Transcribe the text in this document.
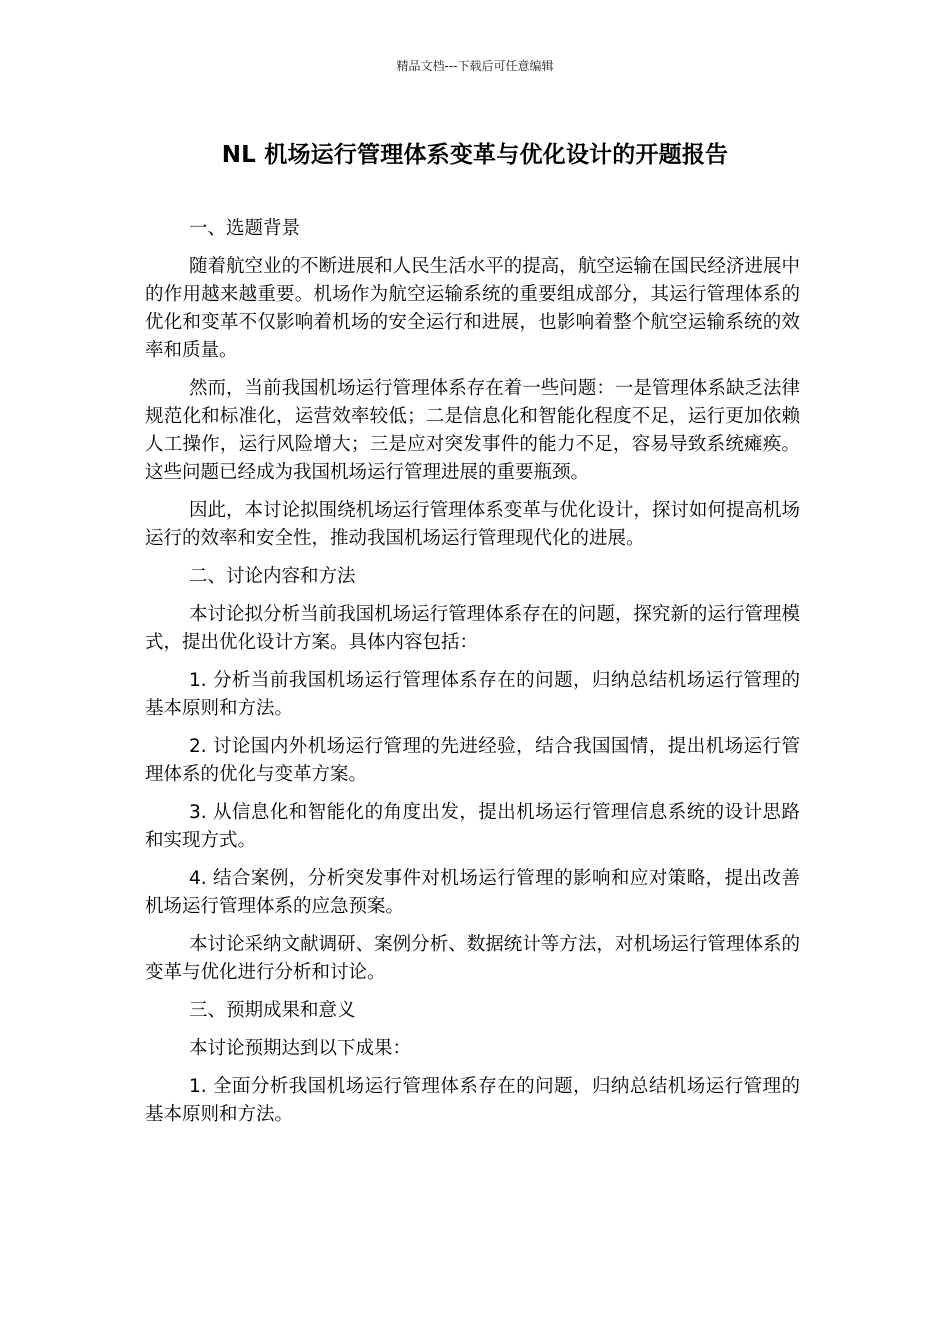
精品文档---下载后可任意编辑
NL 机场运行管理体系变革与优化设计的开题报告

一、选题背景

随着航空业的不断进展和人民生活水平的提高，航空运输在国民经济进展中的作用越来越重要。机场作为航空运输系统的重要组成部分，其运行管理体系的优化和变革不仅影响着机场的安全运行和进展，也影响着整个航空运输系统的效率和质量。

然而，当前我国机场运行管理体系存在着一些问题：一是管理体系缺乏法律规范化和标准化，运营效率较低；二是信息化和智能化程度不足，运行更加依赖人工操作，运行风险增大；三是应对突发事件的能力不足，容易导致系统瘫痪。这些问题已经成为我国机场运行管理进展的重要瓶颈。

因此，本讨论拟围绕机场运行管理体系变革与优化设计，探讨如何提高机场运行的效率和安全性，推动我国机场运行管理现代化的进展。

二、讨论内容和方法

本讨论拟分析当前我国机场运行管理体系存在的问题，探究新的运行管理模式，提出优化设计方案。具体内容包括：

1. 分析当前我国机场运行管理体系存在的问题，归纳总结机场运行管理的基本原则和方法。

2. 讨论国内外机场运行管理的先进经验，结合我国国情，提出机场运行管理体系的优化与变革方案。

3. 从信息化和智能化的角度出发，提出机场运行管理信息系统的设计思路和实现方式。

4. 结合案例，分析突发事件对机场运行管理的影响和应对策略，提出改善机场运行管理体系的应急预案。

本讨论采纳文献调研、案例分析、数据统计等方法，对机场运行管理体系的变革与优化进行分析和讨论。

三、预期成果和意义

本讨论预期达到以下成果：

1. 全面分析我国机场运行管理体系存在的问题，归纳总结机场运行管理的基本原则和方法。
